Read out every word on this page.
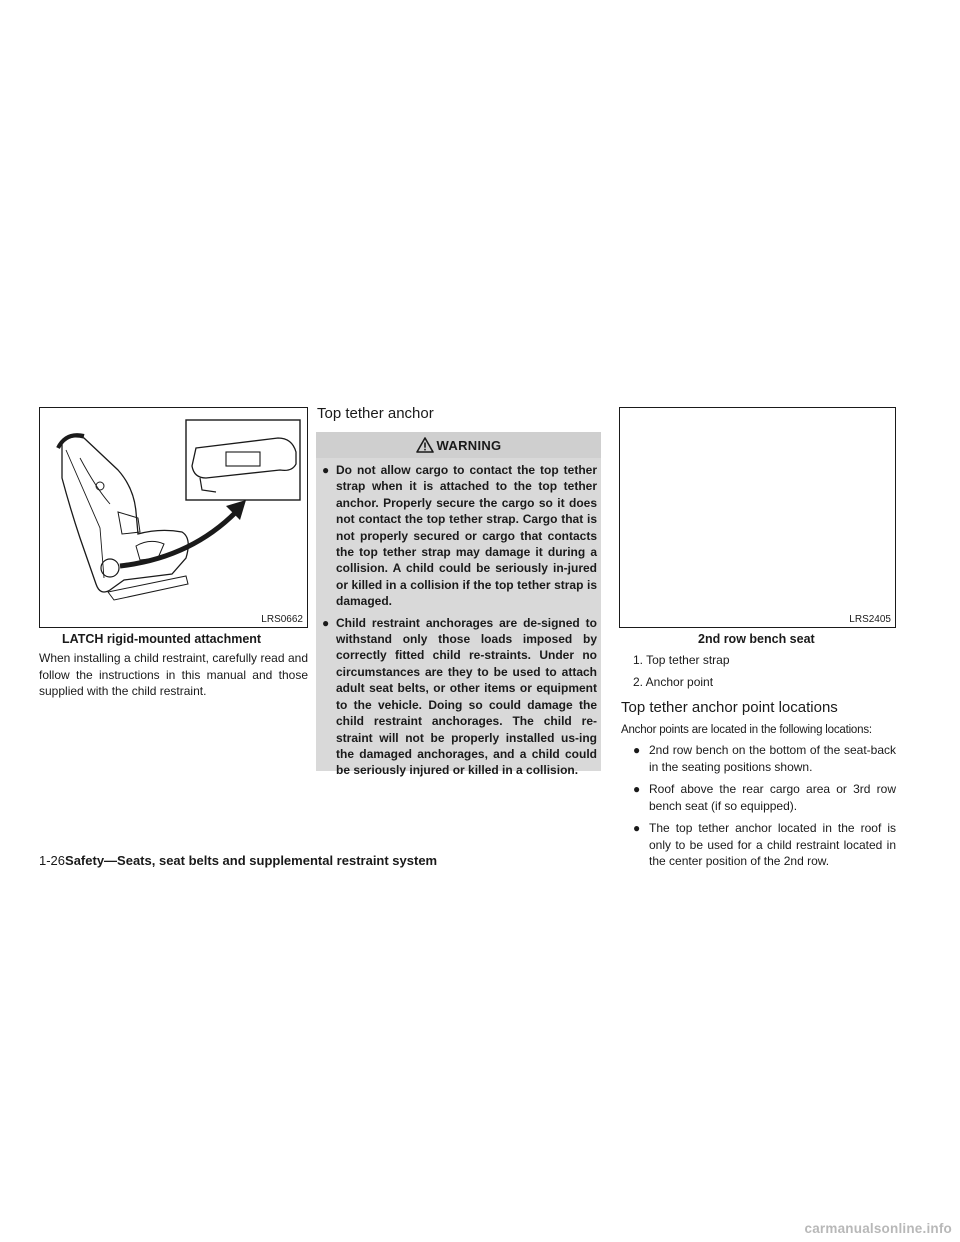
LRS0662
LATCH rigid-mounted attachment
When installing a child restraint, carefully read and follow the instructions in this manual and those supplied with the child restraint.
Top tether anchor
WARNING
● Do not allow cargo to contact the top tether strap when it is attached to the top tether anchor. Properly secure the cargo so it does not contact the top tether strap. Cargo that is not properly secured or cargo that contacts the top tether strap may damage it during a collision. A child could be seriously in-jured or killed in a collision if the top tether strap is damaged.
● Child restraint anchorages are de-signed to withstand only those loads imposed by correctly fitted child re-straints. Under no circumstances are they to be used to attach adult seat belts, or other items or equipment to the vehicle. Doing so could damage the child restraint anchorages. The child re-straint will not be properly installed us-ing the damaged anchorages, and a child could be seriously injured or killed in a collision.
LRS2405
2nd row bench seat
1. Top tether strap
2. Anchor point
Top tether anchor point locations
Anchor points are located in the following locations:
● 2nd row bench on the bottom of the seat-back in the seating positions shown.
● Roof above the rear cargo area or 3rd row bench seat (if so equipped).
● The top tether anchor located in the roof is only to be used for a child restraint located in the center position of the 2nd row.
1-26Safety—Seats, seat belts and supplemental restraint system
carmanualsonline.info
